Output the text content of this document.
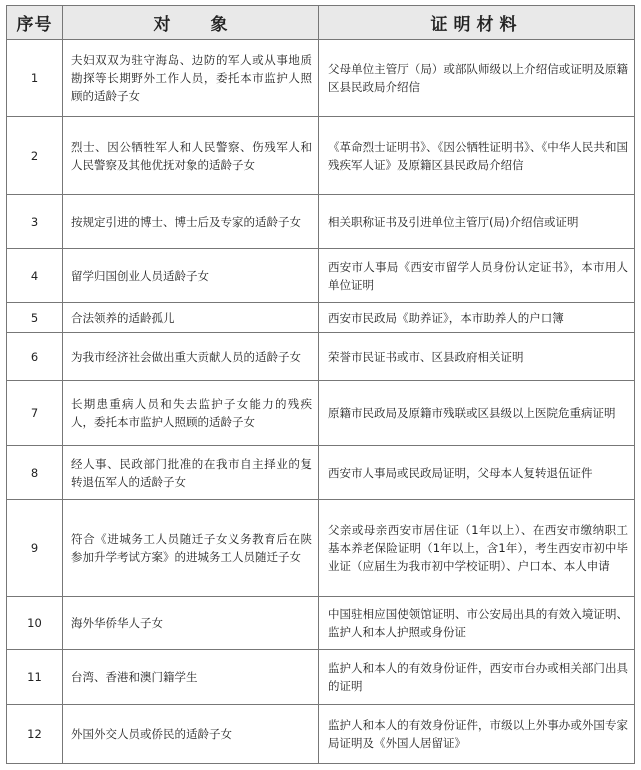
序号	对象	证明材料
1	夫妇双双为驻守海岛、边防的军人或从事地质勘探等长期野外工作人员，委托本市监护人照顾的适龄子女	父母单位主管厅（局）或部队师级以上介绍信或证明及原籍区县民政局介绍信
2	烈士、因公牺牲军人和人民警察、伤残军人和人民警察及其他优抚对象的适龄子女	《革命烈士证明书》、《因公牺牲证明书》、《中华人民共和国残疾军人证》及原籍区县民政局介绍信
3	按规定引进的博士、博士后及专家的适龄子女	相关职称证书及引进单位主管厅(局)介绍信或证明
4	留学归国创业人员适龄子女	西安市人事局《西安市留学人员身份认定证书》，本市用人单位证明
5	合法领养的适龄孤儿	西安市民政局《助养证》，本市助养人的户口簿
6	为我市经济社会做出重大贡献人员的适龄子女	荣誉市民证书或市、区县政府相关证明
7	长期患重病人员和失去监护子女能力的残疾人，委托本市监护人照顾的适龄子女	原籍市民政局及原籍市残联或区县级以上医院危重病证明
8	经人事、民政部门批准的在我市自主择业的复转退伍军人的适龄子女	西安市人事局或民政局证明，父母本人复转退伍证件
9	符合《进城务工人员随迁子女义务教育后在陕参加升学考试方案》的进城务工人员随迁子女	父亲或母亲西安市居住证（1年以上）、在西安市缴纳职工基本养老保险证明（1年以上，含1年），考生西安市初中毕业证（应届生为我市初中学校证明）、户口本、本人申请
10	海外华侨华人子女	中国驻相应国使领馆证明、市公安局出具的有效入境证明、监护人和本人护照或身份证
11	台湾、香港和澳门籍学生	监护人和本人的有效身份证件，西安市台办或相关部门出具的证明
12	外国外交人员或侨民的适龄子女	监护人和本人的有效身份证件，市级以上外事办或外国专家局证明及《外国人居留证》
